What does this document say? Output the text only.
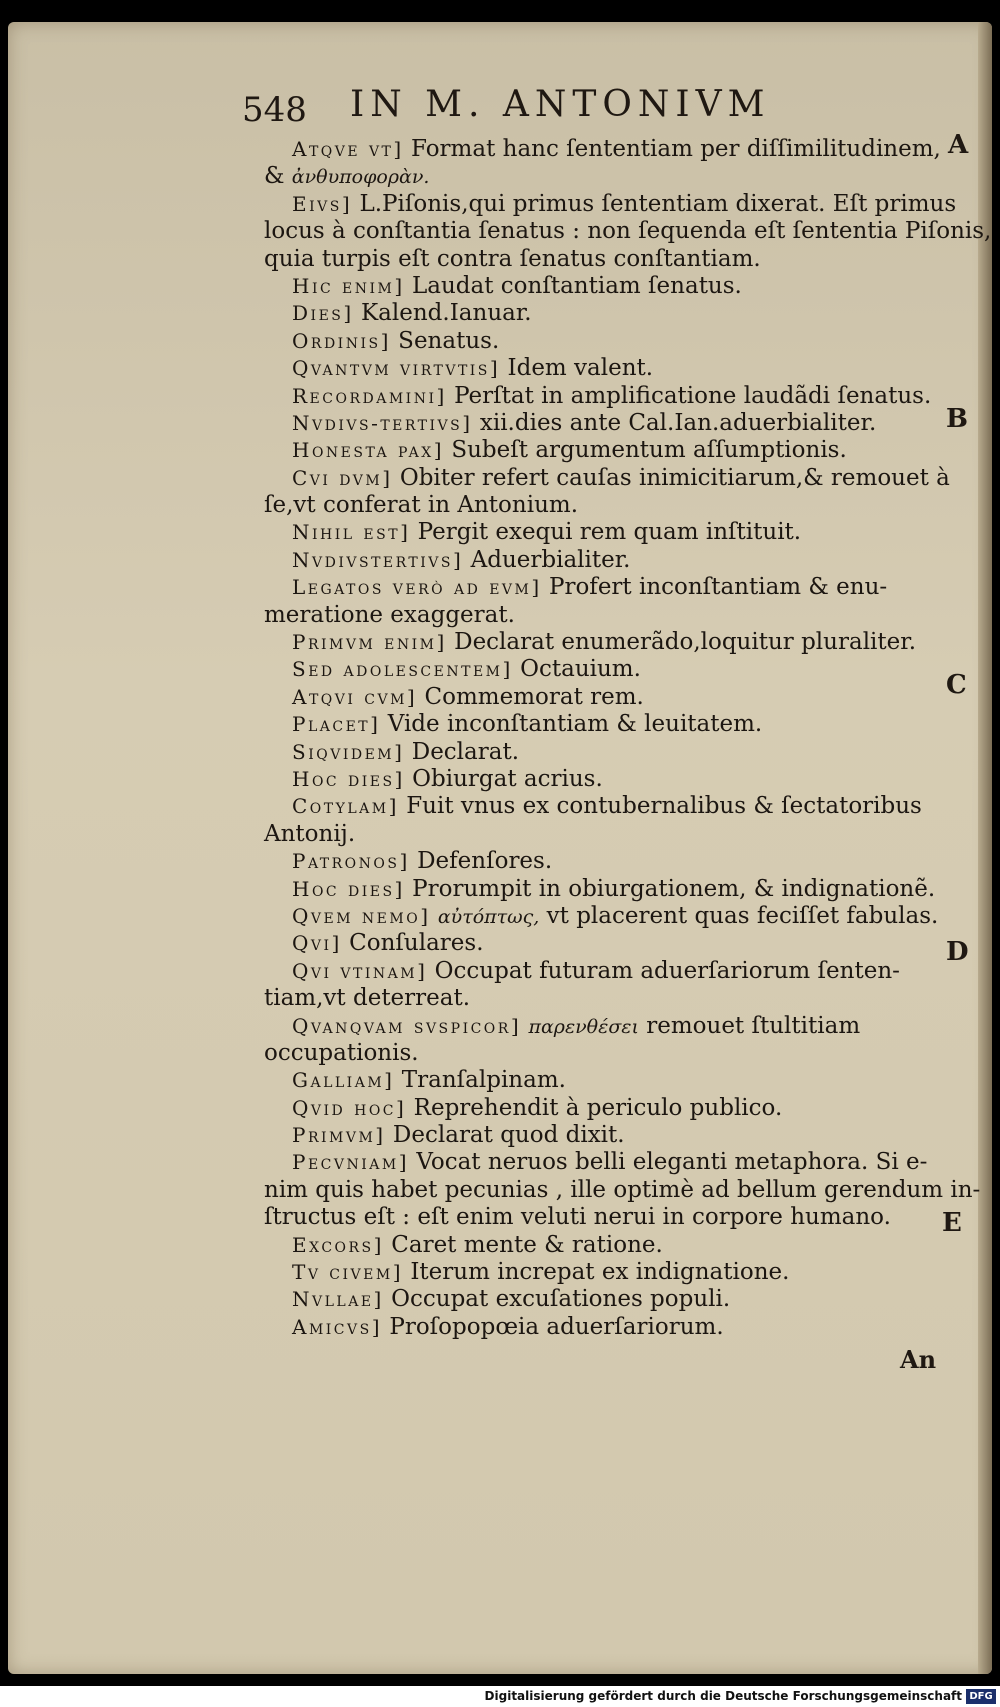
548 IN M. ANTONIVM
Atqve vt] Format hanc ſententiam per diſſimilitudinem,
& ἀνθυποφορὰν.
Eivs] L.Piſonis,qui primus ſententiam dixerat. Eſt primus
locus à conſtantia ſenatus : non ſequenda eſt ſententia Piſonis,
quia turpis eſt contra ſenatus conſtantiam.
Hic enim] Laudat conſtantiam ſenatus.
Dies] Kalend.Ianuar.
Ordinis] Senatus.
Qvantvm virtvtis] Idem valent.
Recordamini] Perſtat in amplificatione laudãdi ſenatus.
Nvdivs-tertivs] xii.dies ante Cal.Ian.aduerbialiter.
Honesta pax] Subeſt argumentum aſſumptionis.
Cvi dvm] Obiter refert cauſas inimicitiarum,& remouet à
ſe,vt conferat in Antonium.
Nihil est] Pergit exequi rem quam inſtituit.
Nvdivstertivs] Aduerbialiter.
Legatos verò ad evm] Profert inconſtantiam & enu-
meratione exaggerat.
Primvm enim] Declarat enumerãdo,loquitur pluraliter.
Sed adolescentem] Octauium.
Atqvi cvm] Commemorat rem.
Placet] Vide inconſtantiam & leuitatem.
Siqvidem] Declarat.
Hoc dies] Obiurgat acrius.
Cotylam] Fuit vnus ex contubernalibus & ſectatoribus
Antonij.
Patronos] Defenſores.
Hoc dies] Prorumpit in obiurgationem, & indignationẽ.
Qvem nemo] αὐτόπτως, vt placerent quas feciſſet fabulas.
Qvi] Conſulares.
Qvi vtinam] Occupat futuram aduerſariorum ſenten-
tiam,vt deterreat.
Qvanqvam svspicor] παρενθέσει remouet ſtultitiam
occupationis.
Galliam] Tranſalpinam.
Qvid hoc] Reprehendit à periculo publico.
Primvm] Declarat quod dixit.
Pecvniam] Vocat neruos belli eleganti metaphora. Si e-
nim quis habet pecunias , ille optimè ad bellum gerendum in-
ſtructus eſt : eſt enim veluti nerui in corpore humano.
Excors] Caret mente & ratione.
Tv civem] Iterum increpat ex indignatione.
Nvllae] Occupat excuſationes populi.
Amicvs] Proſopopœia aduerſariorum.
A
B
C
D
E
An
Digitalisierung gefördert durch die Deutsche Forschungsgemeinschaft DFG
